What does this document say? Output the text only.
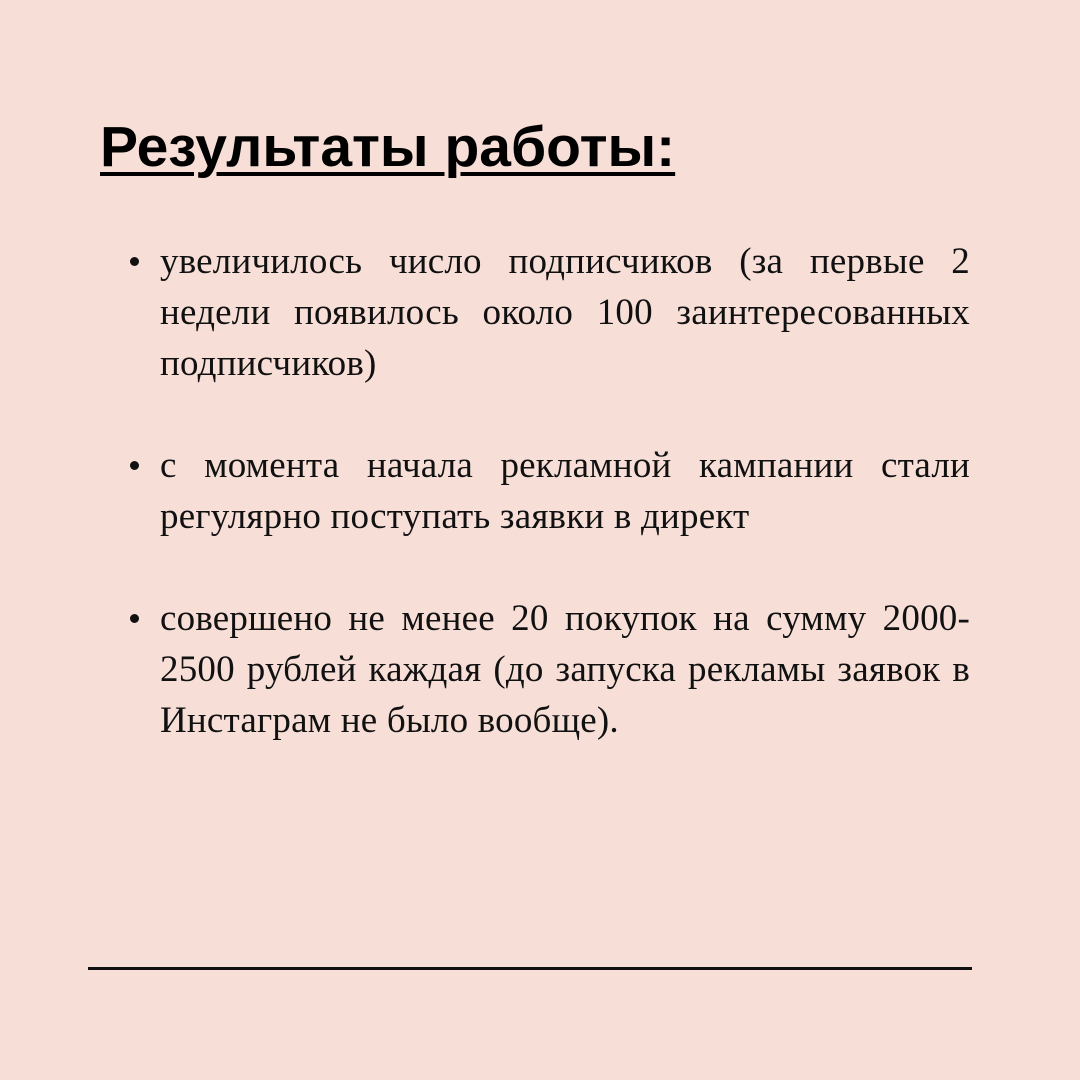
Результаты работы:
увеличилось число подписчиков (за первые 2 недели появилось около 100 заинтересованных подписчиков)
с момента начала рекламной кампании стали регулярно поступать заявки в директ
совершено не менее 20 покупок на сумму 2000-2500 рублей каждая (до запуска рекламы заявок в Инстаграм не было вообще).
